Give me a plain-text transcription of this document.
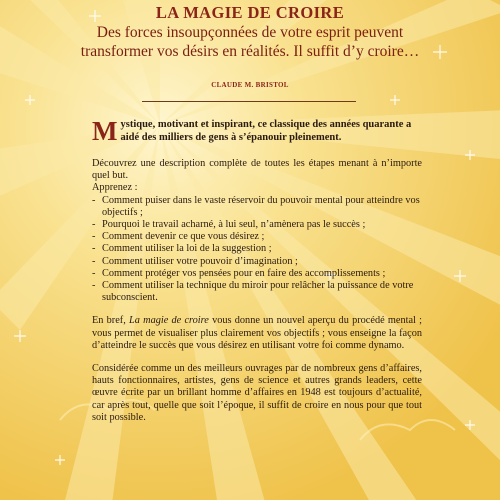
LA MAGIE DE CROIRE
Des forces insoupçonnées de votre esprit peuvent transformer vos désirs en réalités. Il suffit d’y croire…
CLAUDE M. BRISTOL
Mystique, motivant et inspirant, ce classique des années quarante a aidé des milliers de gens à s’épanouir pleinement.

Découvrez une description complète de toutes les étapes menant à n’importe quel but.

Apprenez :

- Comment puiser dans le vaste réservoir du pouvoir mental pour atteindre vos objectifs ;
- Pourquoi le travail acharné, à lui seul, n’amènera pas le succès ;
- Comment devenir ce que vous désirez ;
- Comment utiliser la loi de la suggestion ;
- Comment utiliser votre pouvoir d’imagination ;
- Comment protéger vos pensées pour en faire des accomplissements ;
- Comment utiliser la technique du miroir pour relâcher la puissance de votre subconscient.

En bref, La magie de croire vous donne un nouvel aperçu du procédé mental ; vous permet de visualiser plus clairement vos objectifs ; vous enseigne la façon d’atteindre le succès que vous désirez en utilisant votre foi comme dynamo.

Considérée comme un des meilleurs ouvrages par de nombreux gens d’affaires, hauts fonctionnaires, artistes, gens de science et autres grands leaders, cette œuvre écrite par un brillant homme d’affaires en 1948 est toujours d’actualité, car après tout, quelle que soit l’époque, il suffit de croire en nous pour que tout soit possible.
